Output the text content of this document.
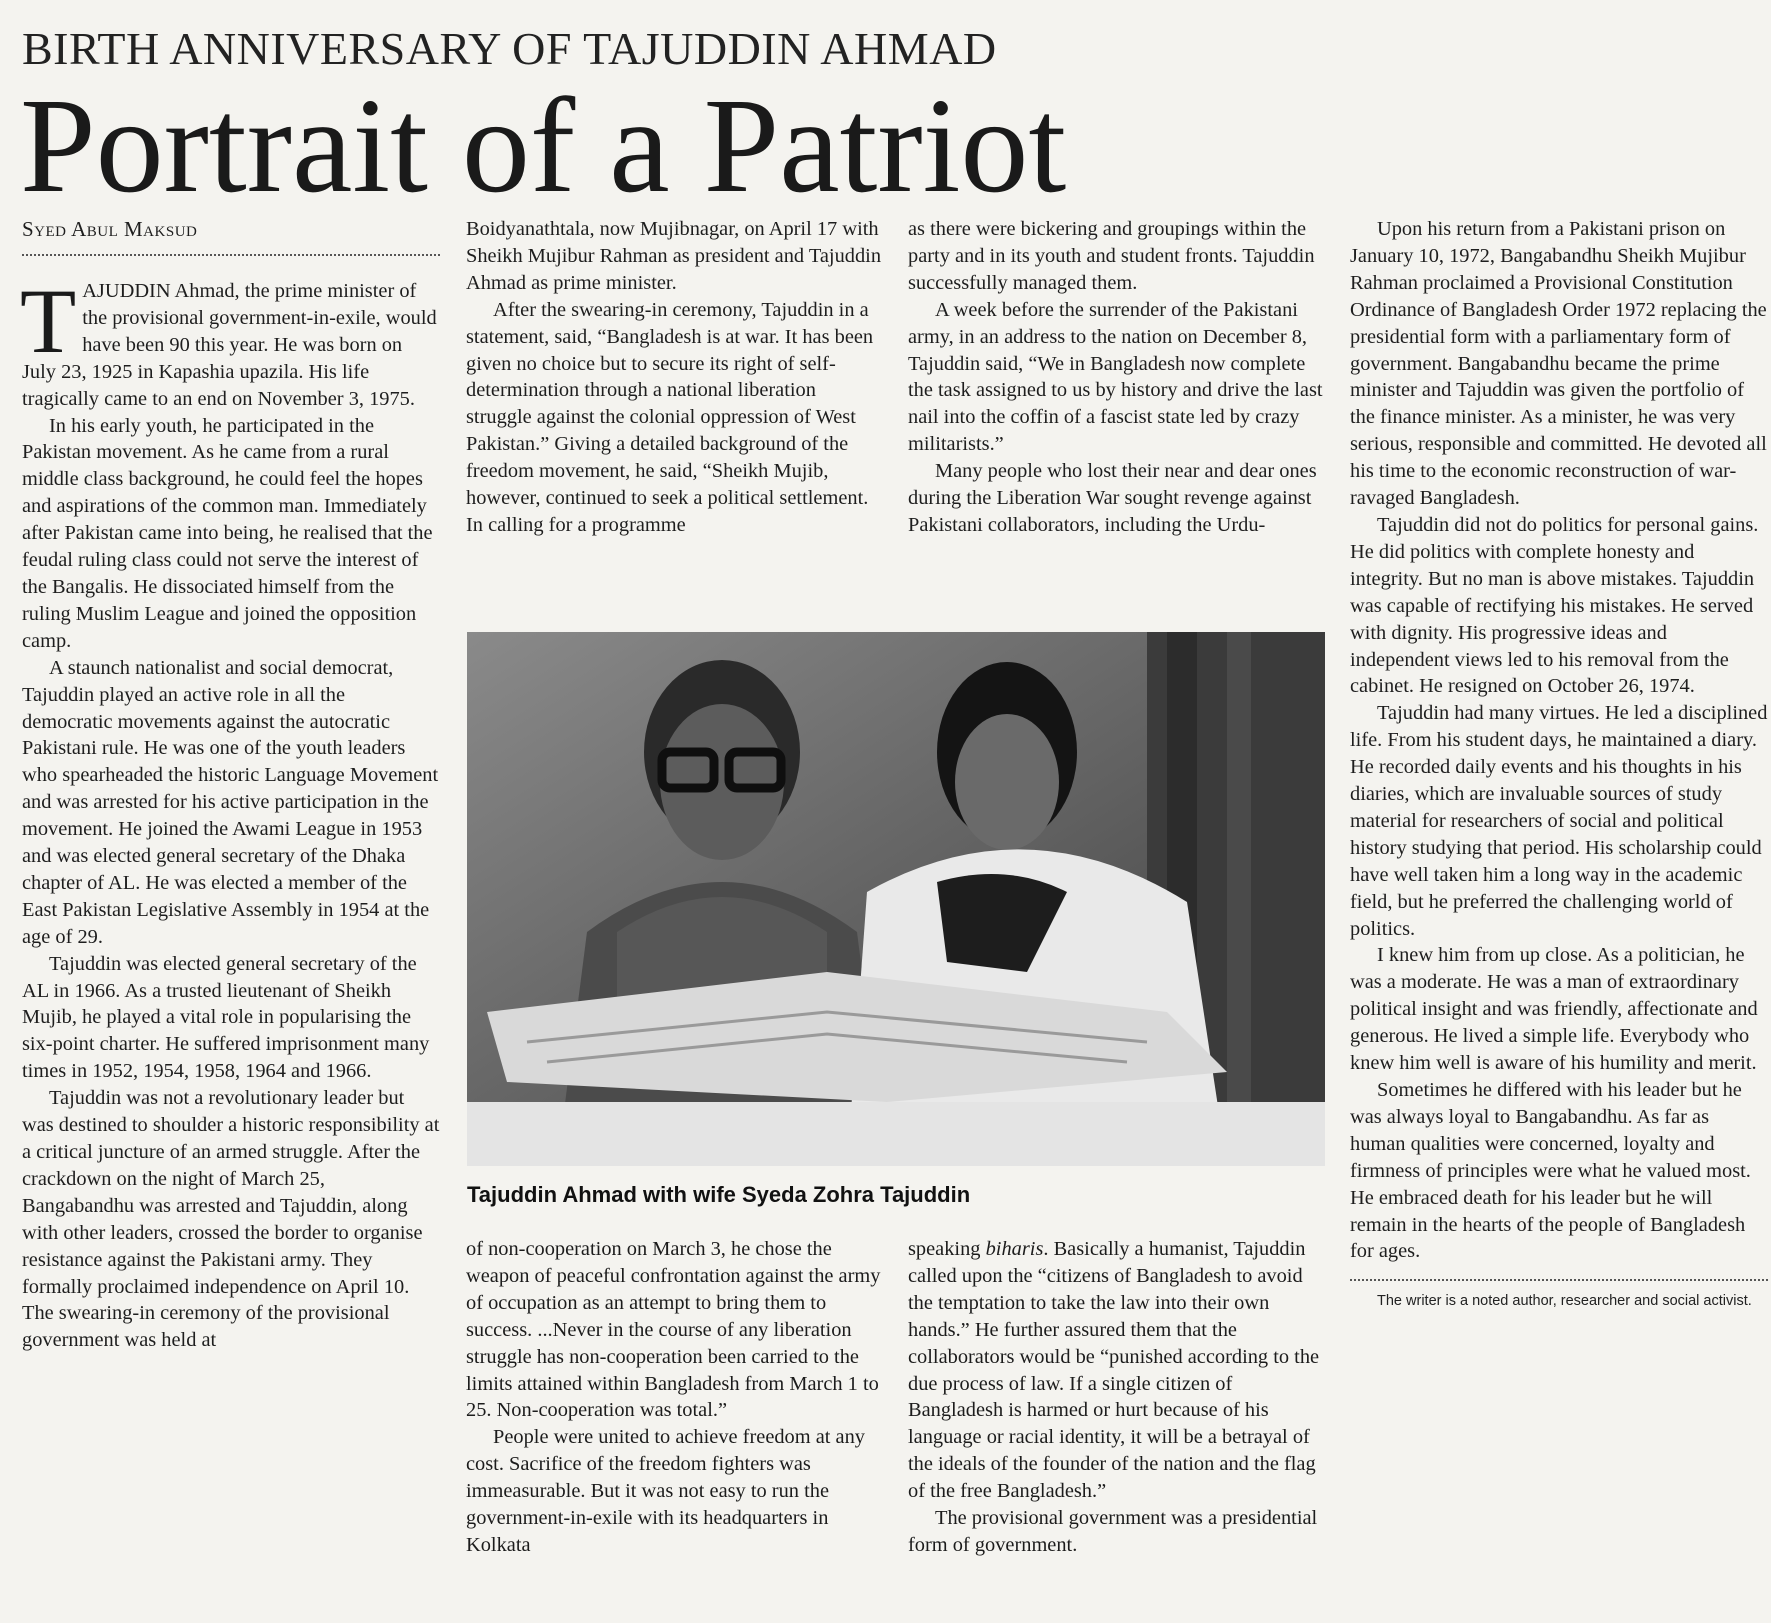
BIRTH ANNIVERSARY OF TAJUDDIN AHMAD
Portrait of a Patriot

Syed Abul Maksud

TAJUDDIN Ahmad, the prime minister of the provisional government-in-exile, would have been 90 this year. He was born on July 23, 1925 in Kapashia upazila. His life tragically came to an end on November 3, 1975.

In his early youth, he participated in the Pakistan movement. As he came from a rural middle class background, he could feel the hopes and aspirations of the common man. Immediately after Pakistan came into being, he realised that the feudal ruling class could not serve the interest of the Bangalis. He dissociated himself from the ruling Muslim League and joined the opposition camp.

A staunch nationalist and social democrat, Tajuddin played an active role in all the democratic movements against the autocratic Pakistani rule. He was one of the youth leaders who spearheaded the historic Language Movement and was arrested for his active participation in the movement. He joined the Awami League in 1953 and was elected general secretary of the Dhaka chapter of AL. He was elected a member of the East Pakistan Legislative Assembly in 1954 at the age of 29.

Tajuddin was elected general secretary of the AL in 1966. As a trusted lieutenant of Sheikh Mujib, he played a vital role in popularising the six-point charter. He suffered imprisonment many times in 1952, 1954, 1958, 1964 and 1966.

Tajuddin was not a revolutionary leader but was destined to shoulder a historic responsibility at a critical juncture of an armed struggle. After the crackdown on the night of March 25, Bangabandhu was arrested and Tajuddin, along with other leaders, crossed the border to organise resistance against the Pakistani army. They formally proclaimed independence on April 10. The swearing-in ceremony of the provisional government was held at

Boidyanathtala, now Mujibnagar, on April 17 with Sheikh Mujibur Rahman as president and Tajuddin Ahmad as prime minister.

After the swearing-in ceremony, Tajuddin in a statement, said, “Bangladesh is at war. It has been given no choice but to secure its right of self-determination through a national liberation struggle against the colonial oppression of West Pakistan.” Giving a detailed background of the freedom movement, he said, “Sheikh Mujib, however, continued to seek a political settlement. In calling for a programme

as there were bickering and groupings within the party and in its youth and student fronts. Tajuddin successfully managed them.

A week before the surrender of the Pakistani army, in an address to the nation on December 8, Tajuddin said, “We in Bangladesh now complete the task assigned to us by history and drive the last nail into the coffin of a fascist state led by crazy militarists.”

Many people who lost their near and dear ones during the Liberation War sought revenge against Pakistani collaborators, including the Urdu-

Tajuddin Ahmad with wife Syeda Zohra Tajuddin

of non-cooperation on March 3, he chose the weapon of peaceful confrontation against the army of occupation as an attempt to bring them to success. ...Never in the course of any liberation struggle has non-cooperation been carried to the limits attained within Bangladesh from March 1 to 25. Non-cooperation was total.”

People were united to achieve freedom at any cost. Sacrifice of the freedom fighters was immeasurable. But it was not easy to run the government-in-exile with its headquarters in Kolkata

speaking biharis. Basically a humanist, Tajuddin called upon the “citizens of Bangladesh to avoid the temptation to take the law into their own hands.” He further assured them that the collaborators would be “punished according to the due process of law. If a single citizen of Bangladesh is harmed or hurt because of his language or racial identity, it will be a betrayal of the ideals of the founder of the nation and the flag of the free Bangladesh.”

The provisional government was a presidential form of government.

Upon his return from a Pakistani prison on January 10, 1972, Bangabandhu Sheikh Mujibur Rahman proclaimed a Provisional Constitution Ordinance of Bangladesh Order 1972 replacing the presidential form with a parliamentary form of government. Bangabandhu became the prime minister and Tajuddin was given the portfolio of the finance minister. As a minister, he was very serious, responsible and committed. He devoted all his time to the economic reconstruction of war-ravaged Bangladesh.

Tajuddin did not do politics for personal gains. He did politics with complete honesty and integrity. But no man is above mistakes. Tajuddin was capable of rectifying his mistakes. He served with dignity. His progressive ideas and independent views led to his removal from the cabinet. He resigned on October 26, 1974.

Tajuddin had many virtues. He led a disciplined life. From his student days, he maintained a diary. He recorded daily events and his thoughts in his diaries, which are invaluable sources of study material for researchers of social and political history studying that period. His scholarship could have well taken him a long way in the academic field, but he preferred the challenging world of politics.

I knew him from up close. As a politician, he was a moderate. He was a man of extraordinary political insight and was friendly, affectionate and generous. He lived a simple life. Everybody who knew him well is aware of his humility and merit.

Sometimes he differed with his leader but he was always loyal to Bangabandhu. As far as human qualities were concerned, loyalty and firmness of principles were what he valued most. He embraced death for his leader but he will remain in the hearts of the people of Bangladesh for ages.

The writer is a noted author, researcher and social activist.
